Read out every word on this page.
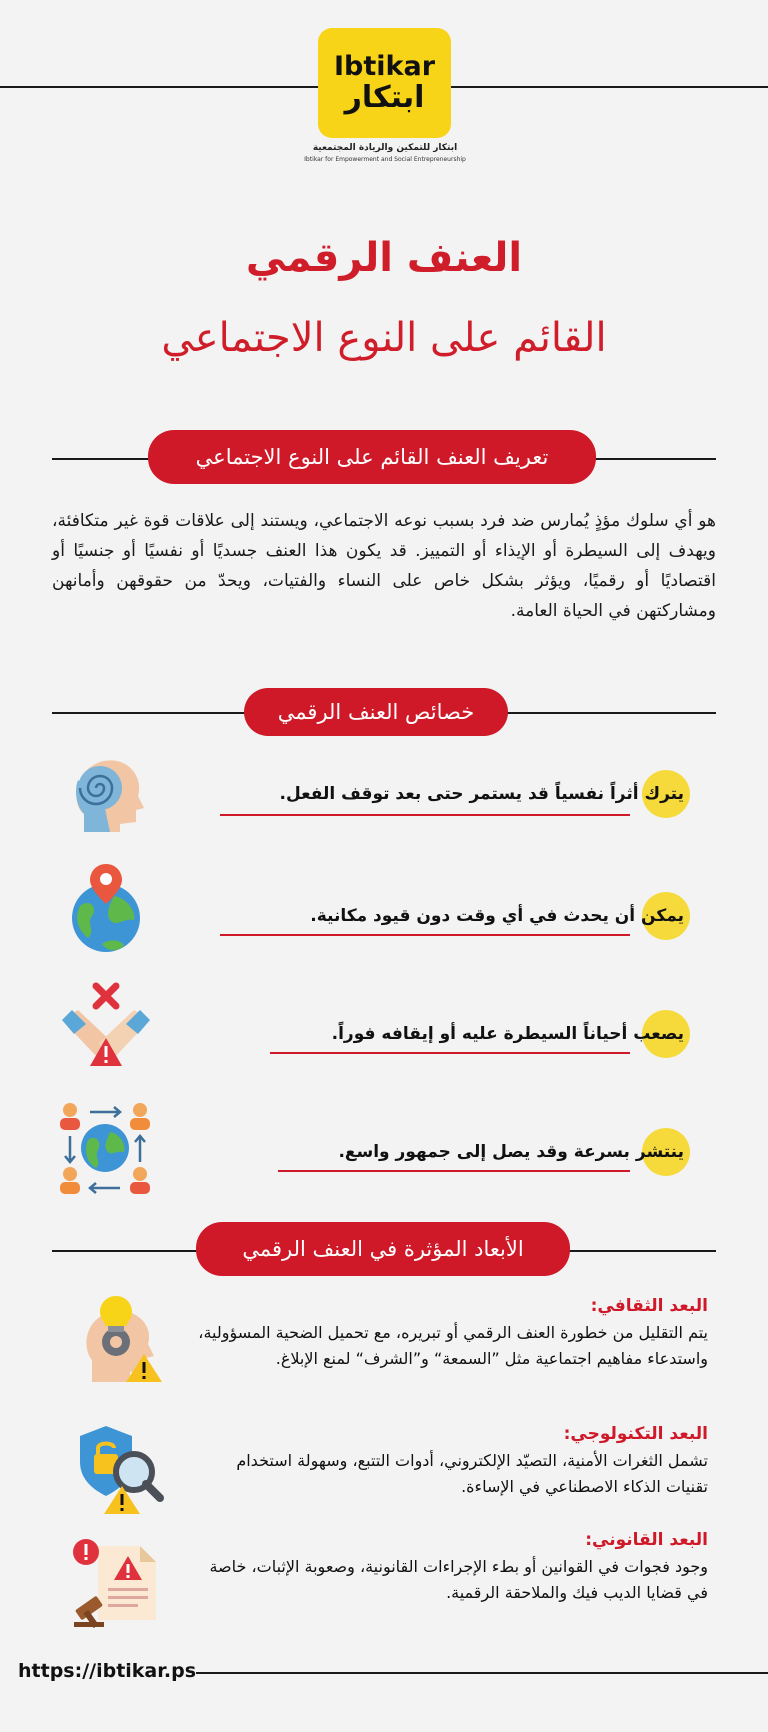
Ibtikar
ابتكار
ابتكار للتمكين والريادة المجتمعية
Ibtikar for Empowerment and Social Entrepreneurship
العنف الرقمي
القائم على النوع الاجتماعي
تعريف العنف القائم على النوع الاجتماعي
هو أي سلوك مؤذٍ يُمارس ضد فرد بسبب نوعه الاجتماعي، ويستند إلى علاقات قوة غير متكافئة، ويهدف إلى السيطرة أو الإيذاء أو التمييز. قد يكون هذا العنف جسديًا أو نفسيًا أو جنسيًا أو اقتصاديًا أو رقميًا، ويؤثر بشكل خاص على النساء والفتيات، ويحدّ من حقوقهن وأمانهن ومشاركتهن في الحياة العامة.
خصائص العنف الرقمي
يترك أثراً نفسياً قد يستمر حتى بعد توقف الفعل.
يمكن أن يحدث في أي وقت دون قيود مكانية.
يصعب أحياناً السيطرة عليه أو إيقافه فوراً.
ينتشر بسرعة وقد يصل إلى جمهور واسع.
الأبعاد المؤثرة في العنف الرقمي
البعد الثقافي:
يتم التقليل من خطورة العنف الرقمي أو تبريره، مع تحميل الضحية المسؤولية، واستدعاء مفاهيم اجتماعية مثل ”السمعة“ و”الشرف“ لمنع الإبلاغ.
البعد التكنولوجي:
تشمل الثغرات الأمنية، التصيّد الإلكتروني، أدوات التتبع، وسهولة استخدام تقنيات الذكاء الاصطناعي في الإساءة.
البعد القانوني:
وجود فجوات في القوانين أو بطء الإجراءات القانونية، وصعوبة الإثبات، خاصة في قضايا الديب فيك والملاحقة الرقمية.
https://ibtikar.ps
